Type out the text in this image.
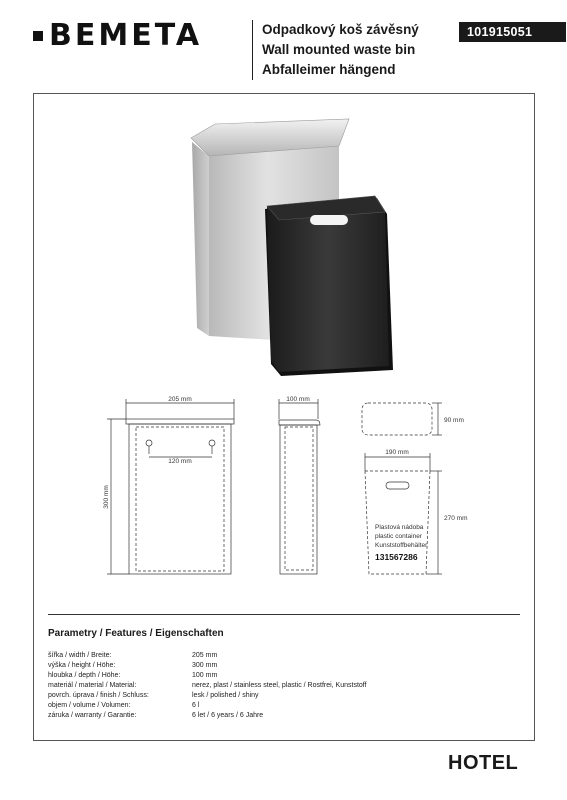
BEMETA	Odpadkový koš závěsný
Wall mounted waste bin
Abfalleimer hängend
101915051
205 mm
120 mm
300 mm
100 mm
90 mm
190 mm
270 mm
Plastová nádoba
plastic container
Kunststoffbehälter
131567286
Parametry / Features / Eigenschaften
šířka / width / Breite:	205 mm
výška / height / Höhe:	300 mm
hloubka / depth / Höhe:	100 mm
materiál / material / Material:	nerez, plast / stainless steel, plastic / Rostfrei, Kunststoff
povrch. úprava / finish / Schluss:	lesk / polished / shiny
objem / volume / Volumen:	6 l
záruka / warranty / Garantie:	6 let / 6 years / 6 Jahre
HOTEL
